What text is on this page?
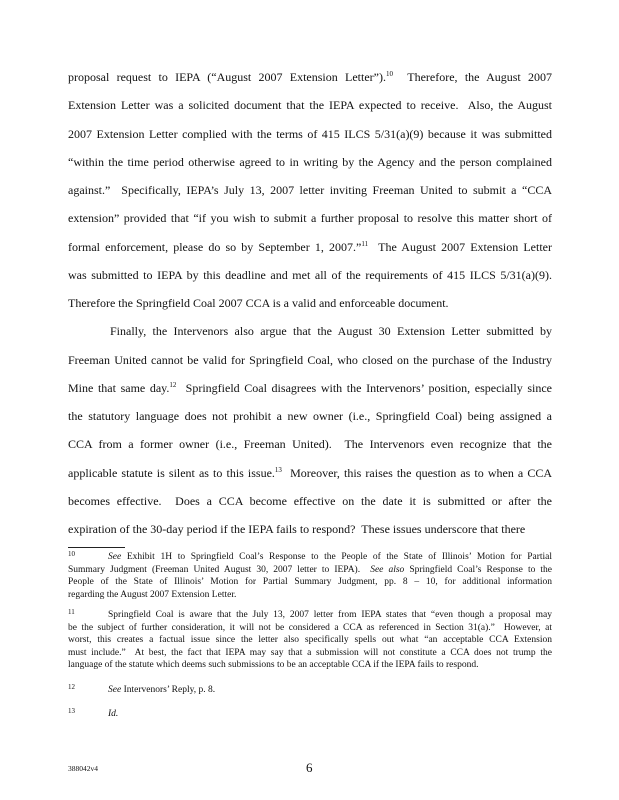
proposal request to IEPA (“August 2007 Extension Letter”).$^{10}$  Therefore, the August 2007
Extension Letter was a solicited document that the IEPA expected to receive.  Also, the August
2007 Extension Letter complied with the terms of 415 ILCS 5/31(a)(9) because it was submitted
“within the time period otherwise agreed to in writing by the Agency and the person complained
against.”  Specifically, IEPA’s July 13, 2007 letter inviting Freeman United to submit a “CCA
extension” provided that “if you wish to submit a further proposal to resolve this matter short of
formal enforcement, please do so by September 1, 2007.”$^{11}$  The August 2007 Extension Letter
was submitted to IEPA by this deadline and met all of the requirements of 415 ILCS 5/31(a)(9).
Therefore the Springfield Coal 2007 CCA is a valid and enforceable document.
Finally, the Intervenors also argue that the August 30 Extension Letter submitted by
Freeman United cannot be valid for Springfield Coal, who closed on the purchase of the Industry
Mine that same day.$^{12}$  Springfield Coal disagrees with the Intervenors’ position, especially since
the statutory language does not prohibit a new owner (i.e., Springfield Coal) being assigned a
CCA from a former owner (i.e., Freeman United).  The Intervenors even recognize that the
applicable statute is silent as to this issue.$^{13}$  Moreover, this raises the question as to when a CCA
becomes effective.  Does a CCA become effective on the date it is submitted or after the
expiration of the 30-day period if the IEPA fails to respond?  These issues underscore that there
10	See Exhibit 1H to Springfield Coal’s Response to the People of the State of Illinois’ Motion for Partial
Summary Judgment (Freeman United August 30, 2007 letter to IEPA).  See also Springfield Coal’s Response to the
People of the State of Illinois’ Motion for Partial Summary Judgment, pp. 8 – 10, for additional information
regarding the August 2007 Extension Letter.
11	Springfield Coal is aware that the July 13, 2007 letter from IEPA states that “even though a proposal may
be the subject of further consideration, it will not be considered a CCA as referenced in Section 31(a).”  However, at
worst, this creates a factual issue since the letter also specifically spells out what “an acceptable CCA Extension
must include.”  At best, the fact that IEPA may say that a submission will not constitute a CCA does not trump the
language of the statute which deems such submissions to be an acceptable CCA if the IEPA fails to respond.
12	See Intervenors’ Reply, p. 8.
13	Id.
388042v4	6
